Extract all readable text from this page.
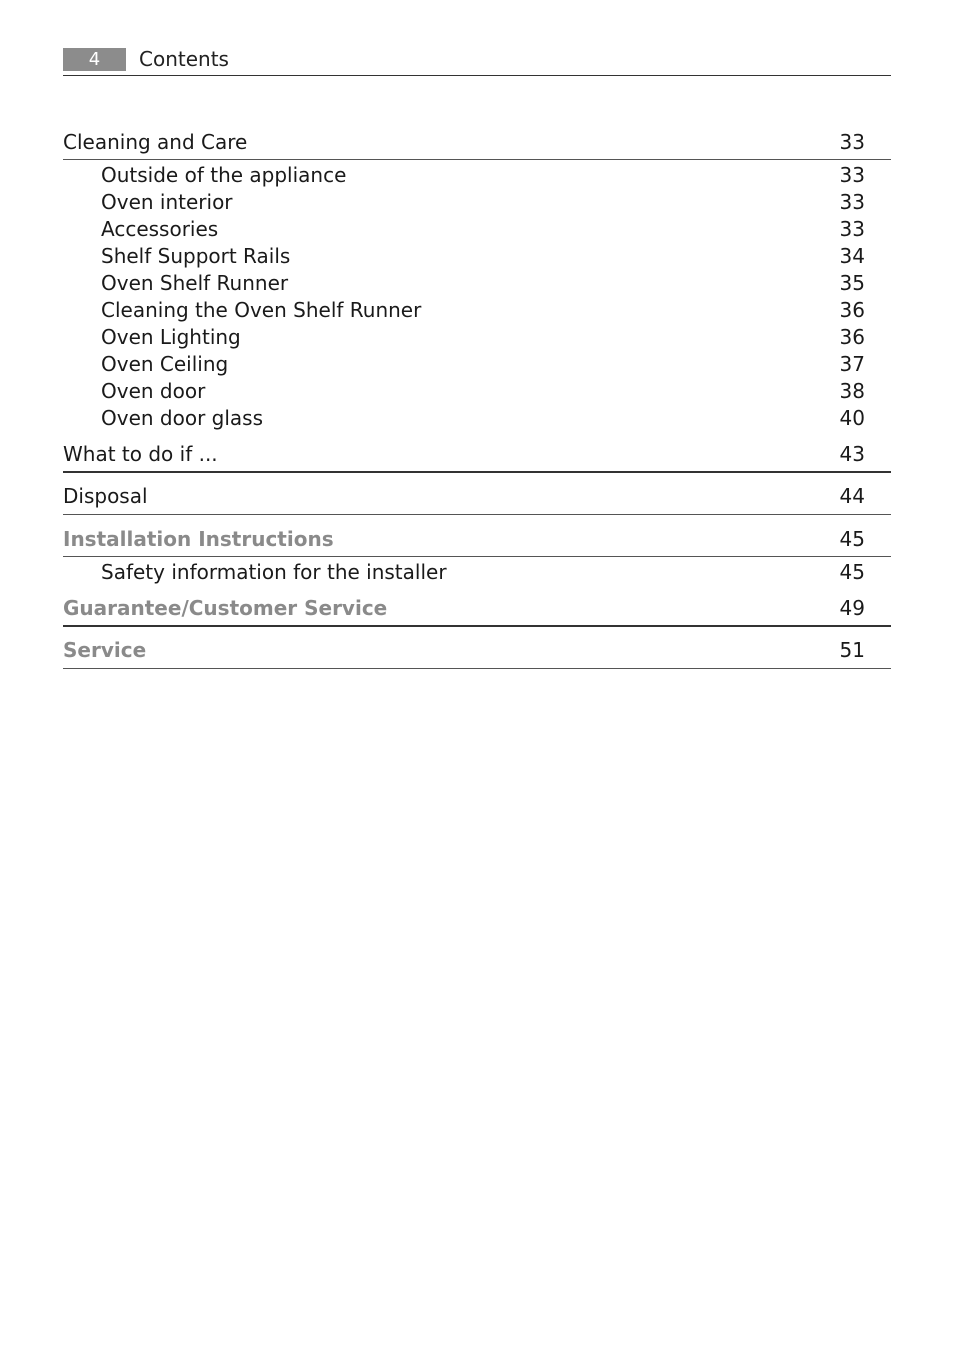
4	Contents
Cleaning and Care	33
Outside of the appliance	33
Oven interior	33
Accessories	33
Shelf Support Rails	34
Oven Shelf Runner	35
Cleaning the Oven Shelf Runner	36
Oven Lighting	36
Oven Ceiling	37
Oven door	38
Oven door glass	40
What to do if ...	43
Disposal	44
Installation Instructions	45
Safety information for the installer	45
Guarantee/Customer Service	49
Service	51
